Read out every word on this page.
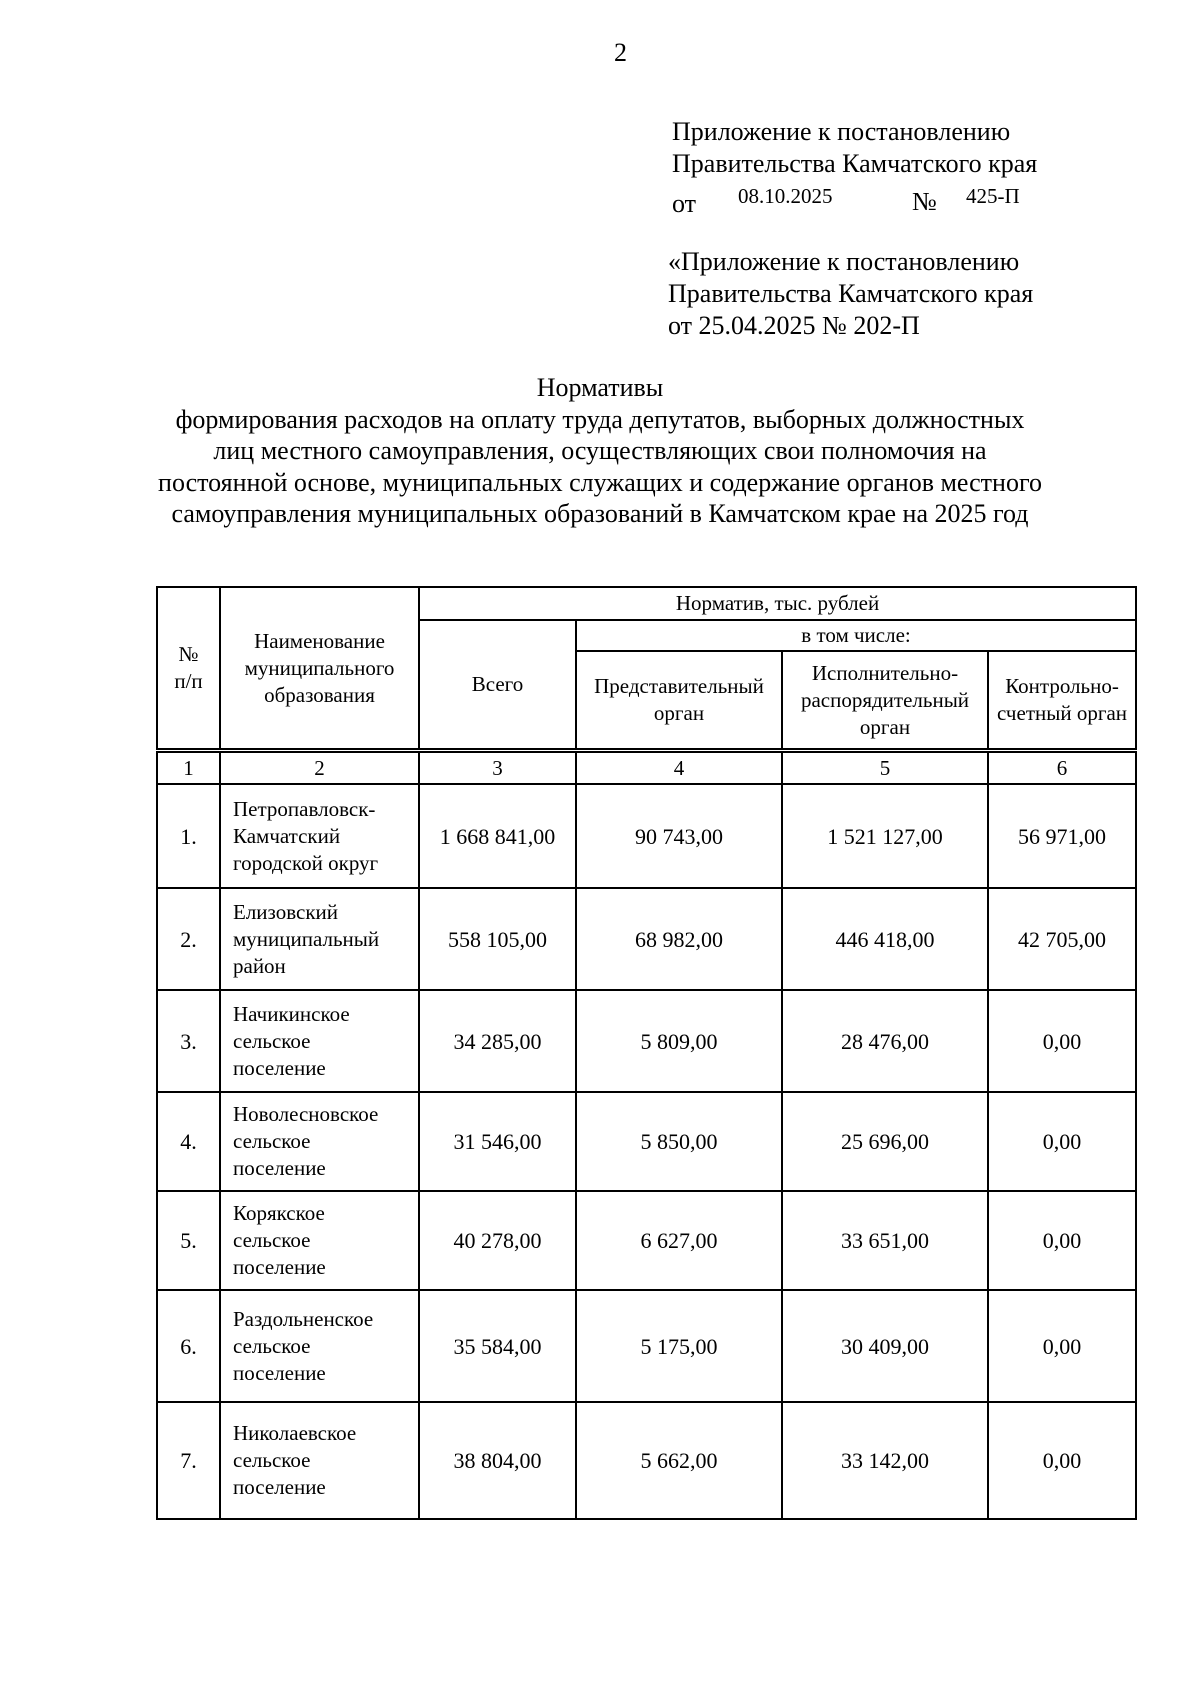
2
Приложение к постановлению
Правительства Камчатского края
от 08.10.2025	№ 425-П
«Приложение к постановлению
Правительства Камчатского края
от 25.04.2025 № 202-П
Нормативы
формирования расходов на оплату труда депутатов, выборных должностных
лиц местного самоуправления, осуществляющих свои полномочия на
постоянной основе, муниципальных служащих и содержание органов местного
самоуправления муниципальных образований в Камчатском крае на 2025 год
№ п/п	Наименование муниципального образования	Норматив, тыс. рублей			
		Всего	в том числе:		
			Представительный орган	Исполнительно-распорядительный орган	Контрольно-счетный орган
1	2	3	4	5	6
1.	Петропавловск-Камчатский городской округ	1 668 841,00	90 743,00	1 521 127,00	56 971,00
2.	Елизовский муниципальный район	558 105,00	68 982,00	446 418,00	42 705,00
3.	Начикинское сельское поселение	34 285,00	5 809,00	28 476,00	0,00
4.	Новолесновское сельское поселение	31 546,00	5 850,00	25 696,00	0,00
5.	Корякское сельское поселение	40 278,00	6 627,00	33 651,00	0,00
6.	Раздольненское сельское поселение	35 584,00	5 175,00	30 409,00	0,00
7.	Николаевское сельское поселение	38 804,00	5 662,00	33 142,00	0,00
